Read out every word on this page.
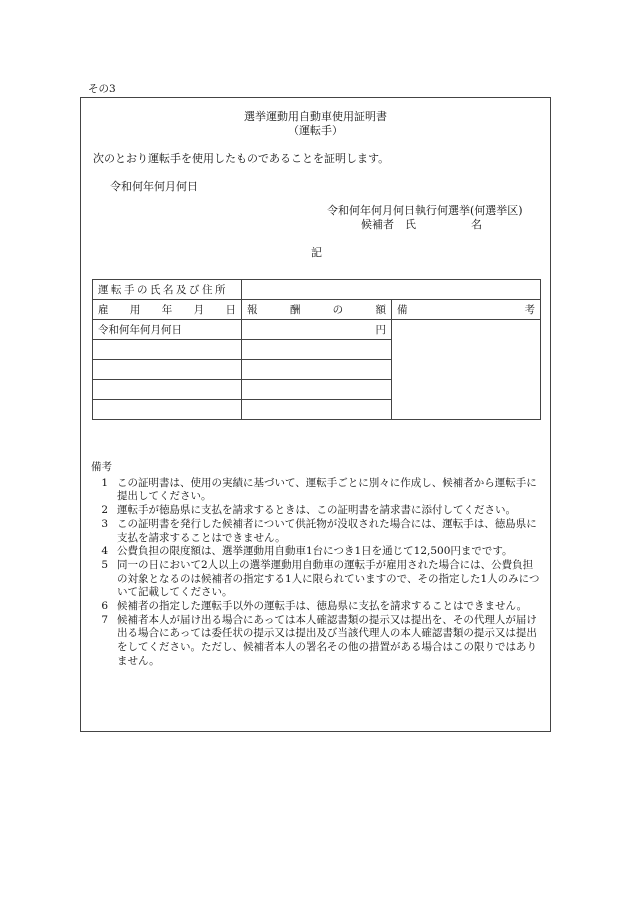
その3
選挙運動用自動車使用証明書
（運転手）
次のとおり運転手を使用したものであることを証明します。
令和何年何月何日
令和何年何月何日執行何選挙(何選挙区)
候補者　氏　　　　　名
記
運転手の氏名及び住所		

雇 用 年 月 日	報 酬 の 額	備 考

令和何年何月何日	円	

備考
1 この証明書は、使用の実績に基づいて、運転手ごとに別々に作成し、候補者から運転手に提出してください。
2 運転手が徳島県に支払を請求するときは、この証明書を請求書に添付してください。
3 この証明書を発行した候補者について供託物が没収された場合には、運転手は、徳島県に支払を請求することはできません。
4 公費負担の限度額は、選挙運動用自動車1台につき1日を通じて12,500円までです。
5 同一の日において2人以上の選挙運動用自動車の運転手が雇用された場合には、公費負担の対象となるのは候補者の指定する1人に限られていますので、その指定した1人のみについて記載してください。
6 候補者の指定した運転手以外の運転手は、徳島県に支払を請求することはできません。
7 候補者本人が届け出る場合にあっては本人確認書類の提示又は提出を、その代理人が届け出る場合にあっては委任状の提示又は提出及び当該代理人の本人確認書類の提示又は提出をしてください。ただし、候補者本人の署名その他の措置がある場合はこの限りではありません。
